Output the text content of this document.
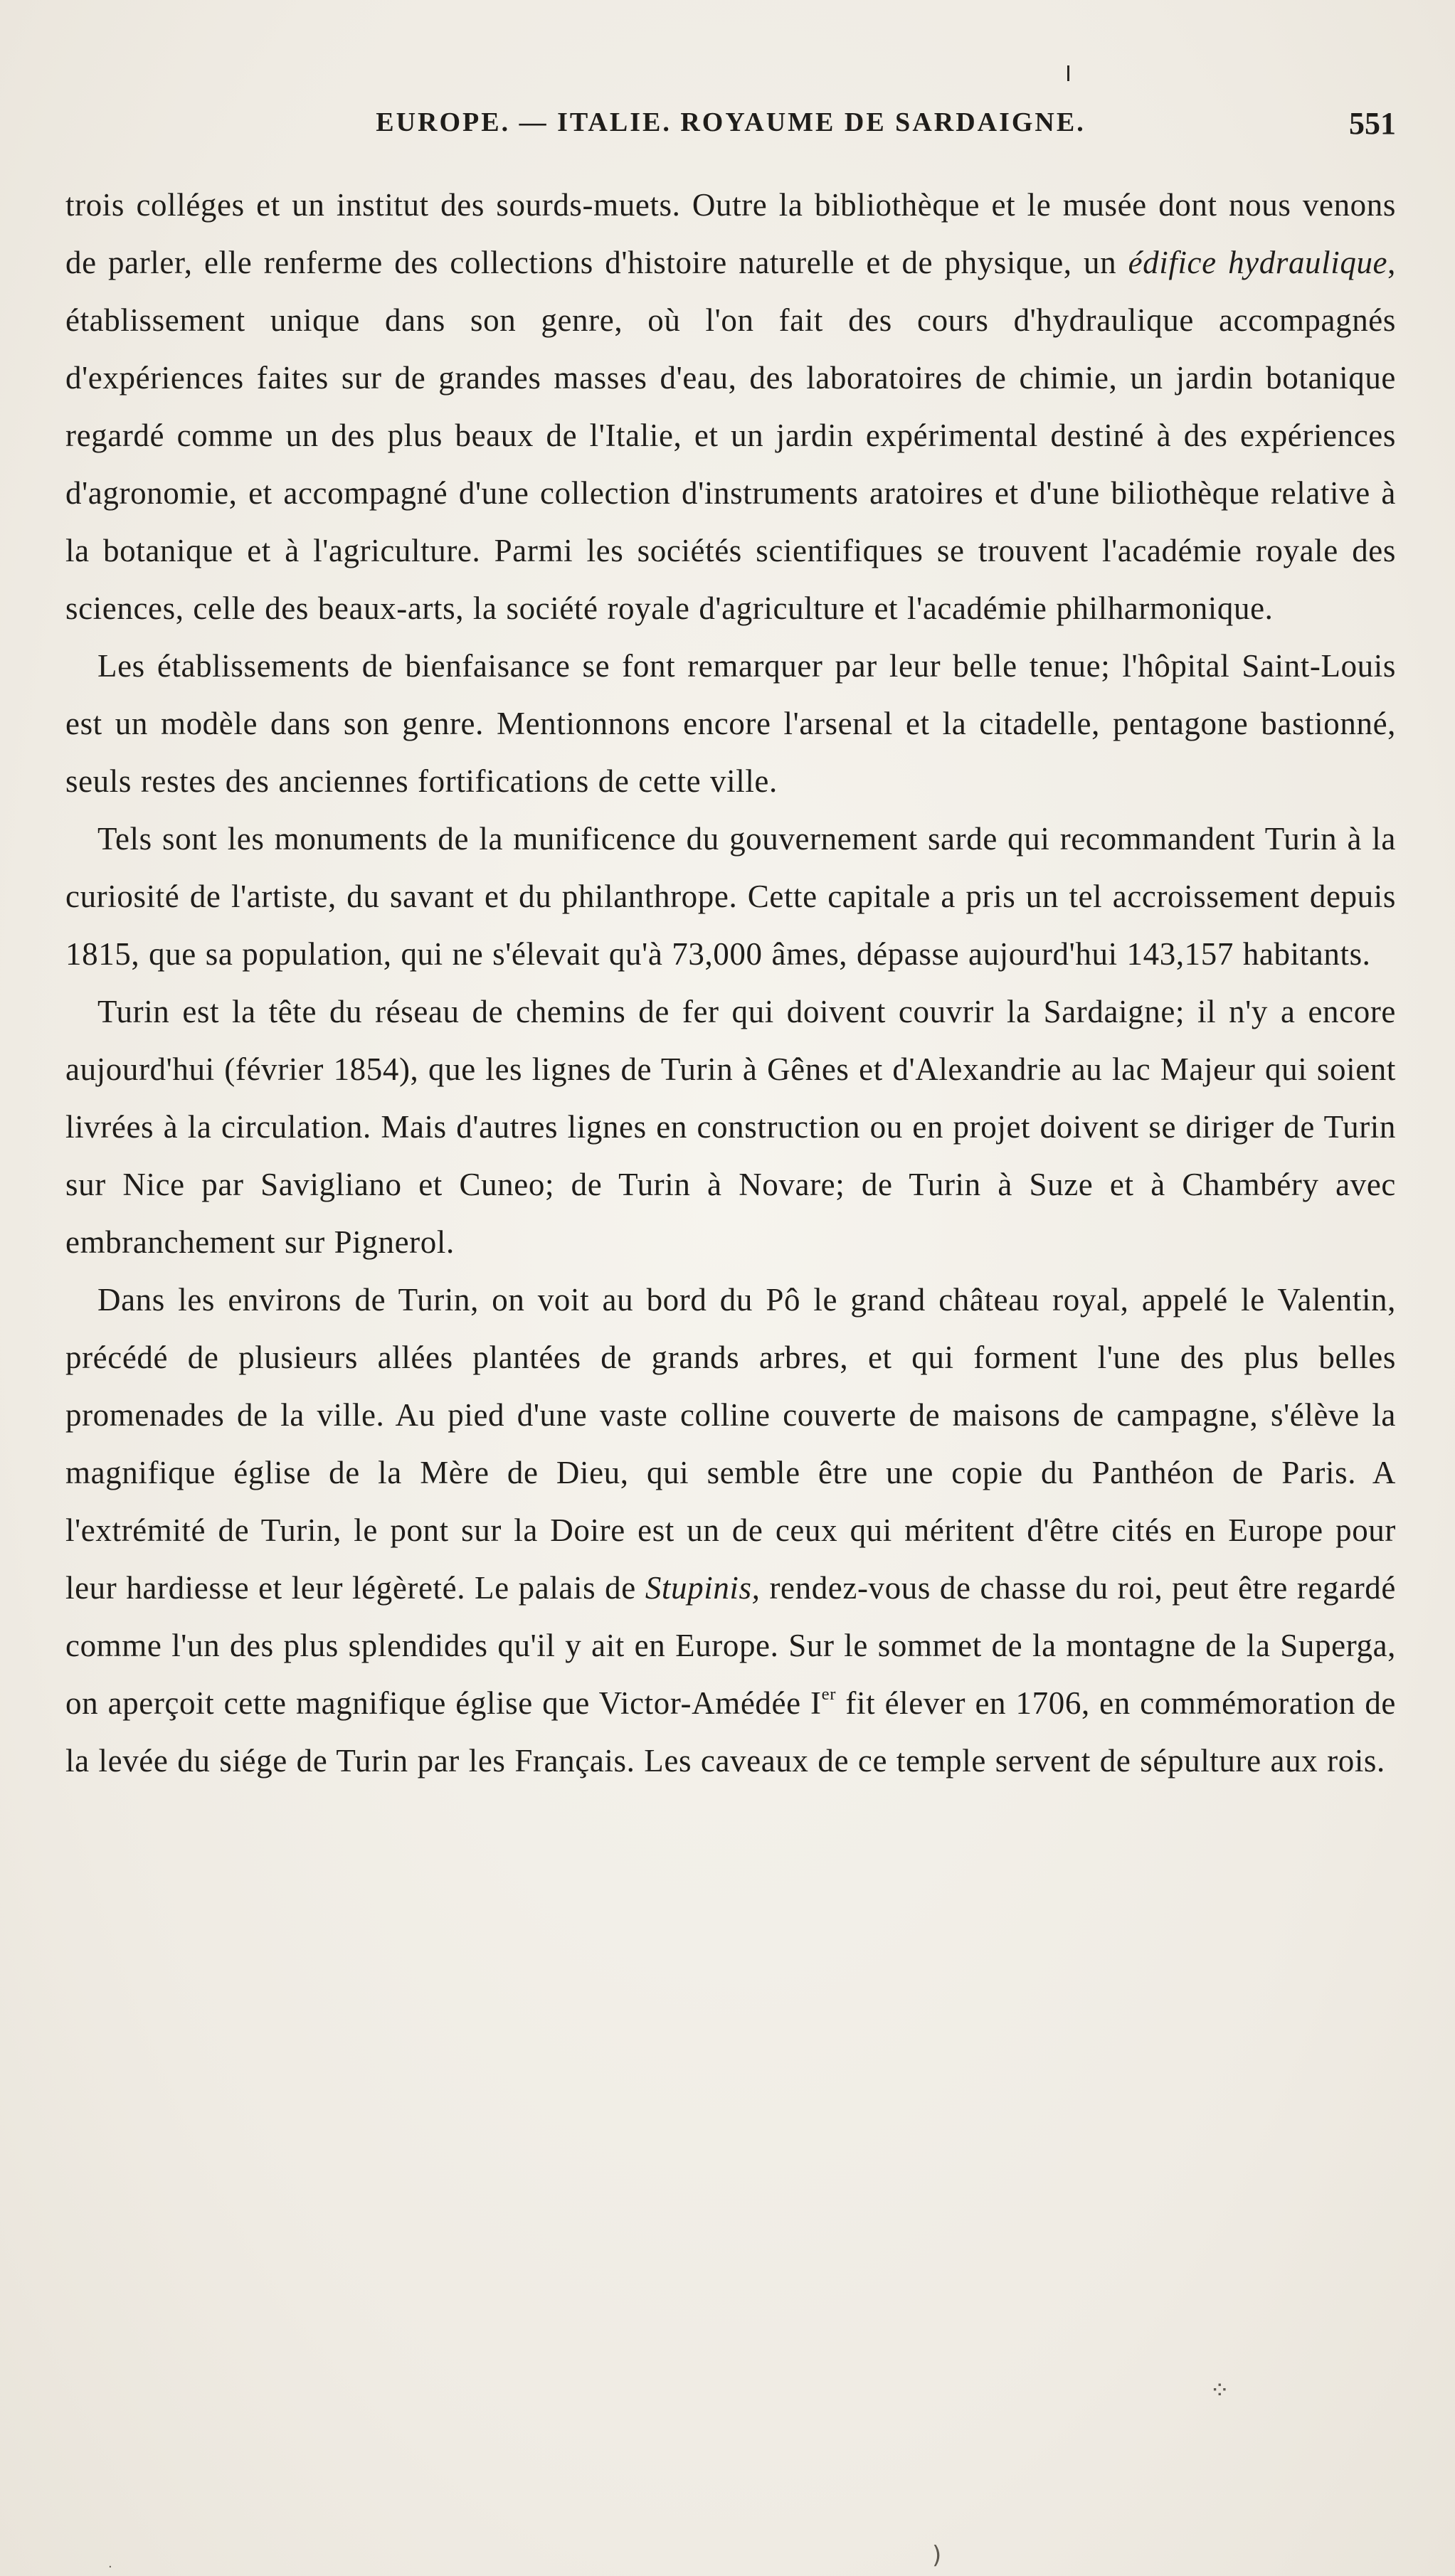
EUROPE. — ITALIE. ROYAUME DE SARDAIGNE.	551

trois colléges et un institut des sourds-muets. Outre la bibliothèque et le musée dont nous venons de parler, elle renferme des collections d'histoire naturelle et de physique, un édifice hydraulique, établissement unique dans son genre, où l'on fait des cours d'hydraulique accompagnés d'expériences faites sur de grandes masses d'eau, des laboratoires de chimie, un jardin botanique regardé comme un des plus beaux de l'Italie, et un jardin expérimental destiné à des expériences d'agronomie, et accompagné d'une collection d'instruments aratoires et d'une biliothèque relative à la botanique et à l'agriculture. Parmi les sociétés scientifiques se trouvent l'académie royale des sciences, celle des beaux-arts, la société royale d'agriculture et l'académie philharmonique.

Les établissements de bienfaisance se font remarquer par leur belle tenue; l'hôpital Saint-Louis est un modèle dans son genre. Mentionnons encore l'arsenal et la citadelle, pentagone bastionné, seuls restes des anciennes fortifications de cette ville.

Tels sont les monuments de la munificence du gouvernement sarde qui recommandent Turin à la curiosité de l'artiste, du savant et du philanthrope. Cette capitale a pris un tel accroissement depuis 1815, que sa population, qui ne s'élevait qu'à 73,000 âmes, dépasse aujourd'hui 143,157 habitants.

Turin est la tête du réseau de chemins de fer qui doivent couvrir la Sardaigne; il n'y a encore aujourd'hui (février 1854), que les lignes de Turin à Gênes et d'Alexandrie au lac Majeur qui soient livrées à la circulation. Mais d'autres lignes en construction ou en projet doivent se diriger de Turin sur Nice par Savigliano et Cuneo; de Turin à Novare; de Turin à Suze et à Chambéry avec embranchement sur Pignerol.

Dans les environs de Turin, on voit au bord du Pô le grand château royal, appelé le Valentin, précédé de plusieurs allées plantées de grands arbres, et qui forment l'une des plus belles promenades de la ville. Au pied d'une vaste colline couverte de maisons de campagne, s'élève la magnifique église de la Mère de Dieu, qui semble être une copie du Panthéon de Paris. A l'extrémité de Turin, le pont sur la Doire est un de ceux qui méritent d'être cités en Europe pour leur hardiesse et leur légèreté. Le palais de Stupinis, rendez-vous de chasse du roi, peut être regardé comme l'un des plus splendides qu'il y ait en Europe. Sur le sommet de la montagne de la Superga, on aperçoit cette magnifique église que Victor-Amédée Ier fit élever en 1706, en commémoration de la levée du siége de Turin par les Français. Les caveaux de ce temple servent de sépulture aux rois.

⁘
)
·
